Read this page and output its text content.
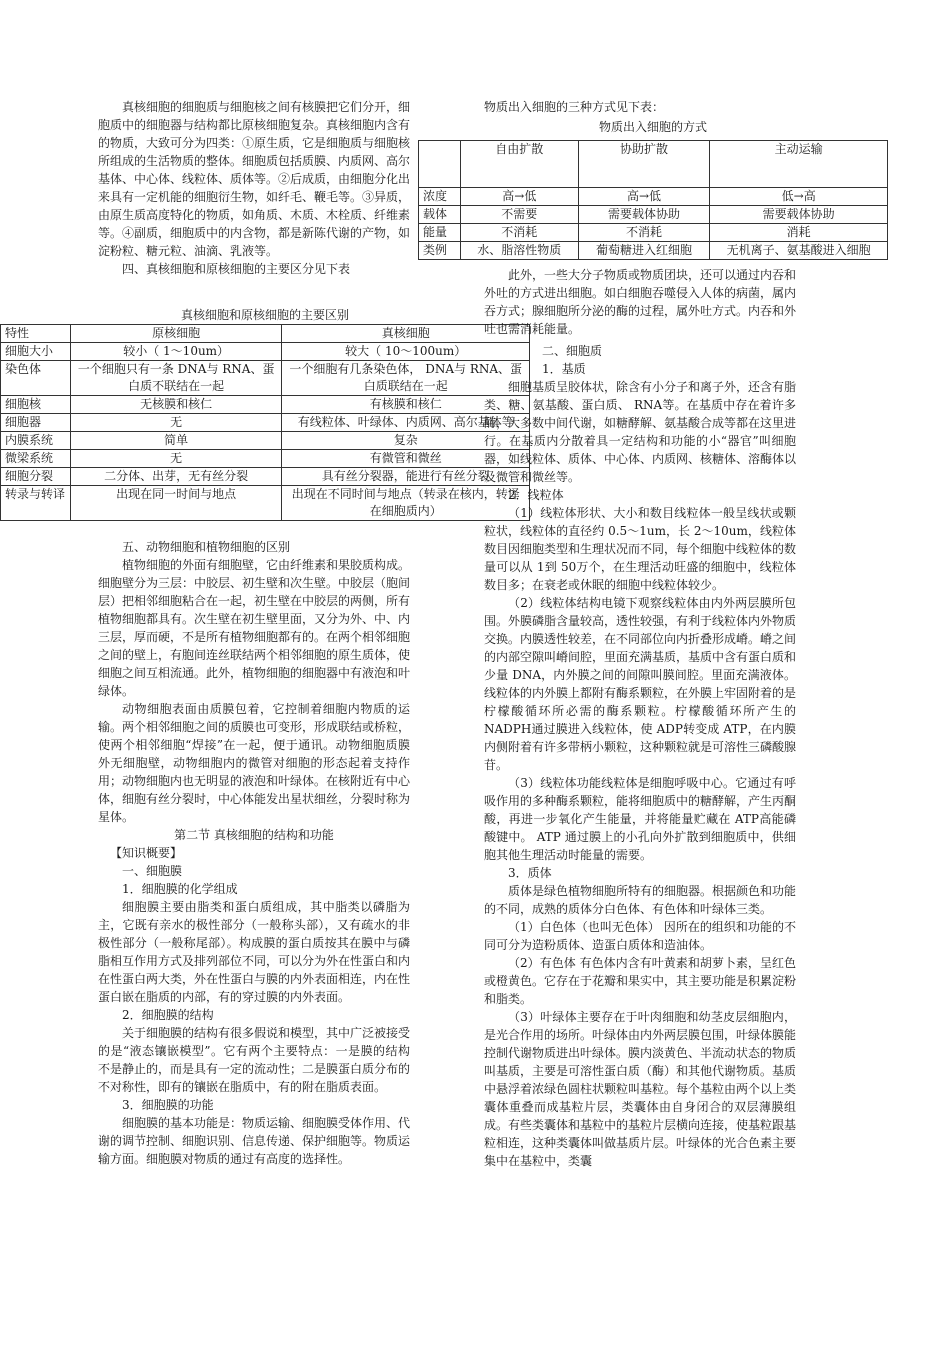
真核细胞的细胞质与细胞核之间有核膜把它们分开，细胞质中的细胞器与结构都比原核细胞复杂。真核细胞内含有的物质，大致可分为四类：①原生质，它是细胞质与细胞核所组成的生活物质的整体。细胞质包括质膜、内质网、高尔基体、中心体、线粒体、质体等。②后成质，由细胞分化出来具有一定机能的细胞衍生物，如纤毛、鞭毛等。③异质，由原生质高度特化的物质，如角质、木质、木栓质、纤维素等。④副质，细胞质中的内含物，都是新陈代谢的产物，如淀粉粒、糖元粒、油滴、乳液等。

四、真核细胞和原核细胞的主要区分见下表

真核细胞和原核细胞的主要区别
特性	原核细胞	真核细胞
细胞大小	较小（ 1～10um）	较大（ 10～100um）
染色体	一个细胞只有一条 DNA与 RNA、蛋白质不联结在一起	一个细胞有几条染色体， DNA与 RNA、蛋白质联结在一起
细胞核	无核膜和核仁	有核膜和核仁
细胞器	无	有线粒体、叶绿体、内质网、高尔基体等
内膜系统	简单	复杂
微梁系统	无	有微管和微丝
细胞分裂	二分体、出芽，无有丝分裂	具有丝分裂器，能进行有丝分裂
转录与转译	出现在同一时间与地点	出现在不同时间与地点（转录在核内，转译在细胞质内）

五、动物细胞和植物细胞的区别

植物细胞的外面有细胞壁，它由纤维素和果胶质构成。细胞壁分为三层：中胶层、初生壁和次生壁。中胶层（胞间层）把相邻细胞粘合在一起，初生壁在中胶层的两侧，所有植物细胞都具有。次生壁在初生壁里面，又分为外、中、内三层，厚而硬，不是所有植物细胞都有的。在两个相邻细胞之间的壁上，有胞间连丝联结两个相邻细胞的原生质体，使细胞之间互相流通。此外，植物细胞的细胞器中有液泡和叶绿体。

动物细胞表面由质膜包着，它控制着细胞内物质的运输。两个相邻细胞之间的质膜也可变形，形成联结或桥粒，使两个相邻细胞“焊接”在一起，便于通讯。动物细胞质膜外无细胞壁，动物细胞内的微管对细胞的形态起着支持作用；动物细胞内也无明显的液泡和叶绿体。在核附近有中心体，细胞有丝分裂时，中心体能发出星状细丝，分裂时称为星体。

第二节 真核细胞的结构和功能

【知识概要】

一、细胞膜

1．细胞膜的化学组成

细胞膜主要由脂类和蛋白质组成，其中脂类以磷脂为主，它既有亲水的极性部分（一般称头部），又有疏水的非极性部分（一般称尾部）。构成膜的蛋白质按其在膜中与磷脂相互作用方式及排列部位不同，可以分为外在性蛋白和内在性蛋白两大类，外在性蛋白与膜的内外表面相连，内在性蛋白嵌在脂质的内部，有的穿过膜的内外表面。

2．细胞膜的结构

关于细胞膜的结构有很多假说和模型，其中广泛被接受的是“液态镶嵌模型”。它有两个主要特点：一是膜的结构不是静止的，而是具有一定的流动性；二是膜蛋白质分布的不对称性，即有的镶嵌在脂质中，有的附在脂质表面。

3．细胞膜的功能

细胞膜的基本功能是：物质运输、细胞膜受体作用、代谢的调节控制、细胞识别、信息传递、保护细胞等。物质运输方面。细胞膜对物质的通过有高度的选择性。

物质出入细胞的三种方式见下表：
物质出入细胞的方式
	自由扩散	协助扩散	主动运输
浓度	高→低	高→低	低→高
载体	不需要	需要载体协助	需要载体协助
能量	不消耗	不消耗	消耗
类例	水、脂溶性物质	葡萄糖进入红细胞	无机离子、氨基酸进入细胞

此外，一些大分子物质或物质团块，还可以通过内吞和外吐的方式进出细胞。如白细胞吞噬侵入人体的病菌，属内吞方式；腺细胞所分泌的酶的过程，属外吐方式。内吞和外吐也需消耗能量。

二、细胞质

1．基质

细胞基质呈胶体状，除含有小分子和离子外，还含有脂类、糖、氨基酸、蛋白质、 RNA等。在基质中存在着许多酶，大多数中间代谢，如糖酵解、氨基酸合成等都在这里进行。在基质内分散着具一定结构和功能的小“器官”叫细胞器，如线粒体、质体、中心体、内质网、核糖体、溶酶体以及微管和微丝等。

2．线粒体

（1）线粒体形状、大小和数目线粒体一般呈线状或颗粒状，线粒体的直径约 0.5～1um，长 2～10um，线粒体数目因细胞类型和生理状况而不同，每个细胞中线粒体的数量可以从 1到 50万个，在生理活动旺盛的细胞中，线粒体数目多；在衰老或休眠的细胞中线粒体较少。

（2）线粒体结构电镜下观察线粒体由内外两层膜所包围。外膜磷脂含量较高，透性较强，有利于线粒体内外物质交换。内膜透性较差，在不同部位向内折叠形成嵴。嵴之间的内部空隙叫嵴间腔，里面充满基质，基质中含有蛋白质和少量 DNA，内外膜之间的间隙叫膜间腔。里面充满液体。线粒体的内外膜上都附有酶系颗粒，在外膜上牢固附着的是柠檬酸循环所必需的酶系颗粒。柠檬酸循环所产生的 NADPH通过膜进入线粒体，使 ADP转变成 ATP，在内膜内侧附着有许多带柄小颗粒，这种颗粒就是可溶性三磷酸腺苷。

（3）线粒体功能线粒体是细胞呼吸中心。它通过有呼吸作用的多种酶系颗粒，能将细胞质中的糖酵解，产生丙酮酸，再进一步氧化产生能量，并将能量贮藏在 ATP高能磷酸键中。 ATP 通过膜上的小孔向外扩散到细胞质中，供细胞其他生理活动时能量的需要。

3．质体

质体是绿色植物细胞所特有的细胞器。根据颜色和功能的不同，成熟的质体分白色体、有色体和叶绿体三类。

（1）白色体（也叫无色体） 因所在的组织和功能的不同可分为造粉质体、造蛋白质体和造油体。

（2）有色体 有色体内含有叶黄素和胡萝卜素，呈红色或橙黄色。它存在于花瓣和果实中，其主要功能是积累淀粉和脂类。

（3）叶绿体主要存在于叶肉细胞和幼茎皮层细胞内，是光合作用的场所。叶绿体由内外两层膜包围，叶绿体膜能控制代谢物质进出叶绿体。膜内淡黄色、半流动状态的物质叫基质，主要是可溶性蛋白质（酶）和其他代谢物质。基质中悬浮着浓绿色圆柱状颗粒叫基粒。每个基粒由两个以上类囊体重叠而成基粒片层，类囊体由自身闭合的双层薄膜组成。有些类囊体和基粒中的基粒片层横向连接，使基粒跟基粒相连，这种类囊体叫做基质片层。叶绿体的光合色素主要集中在基粒中，类囊
